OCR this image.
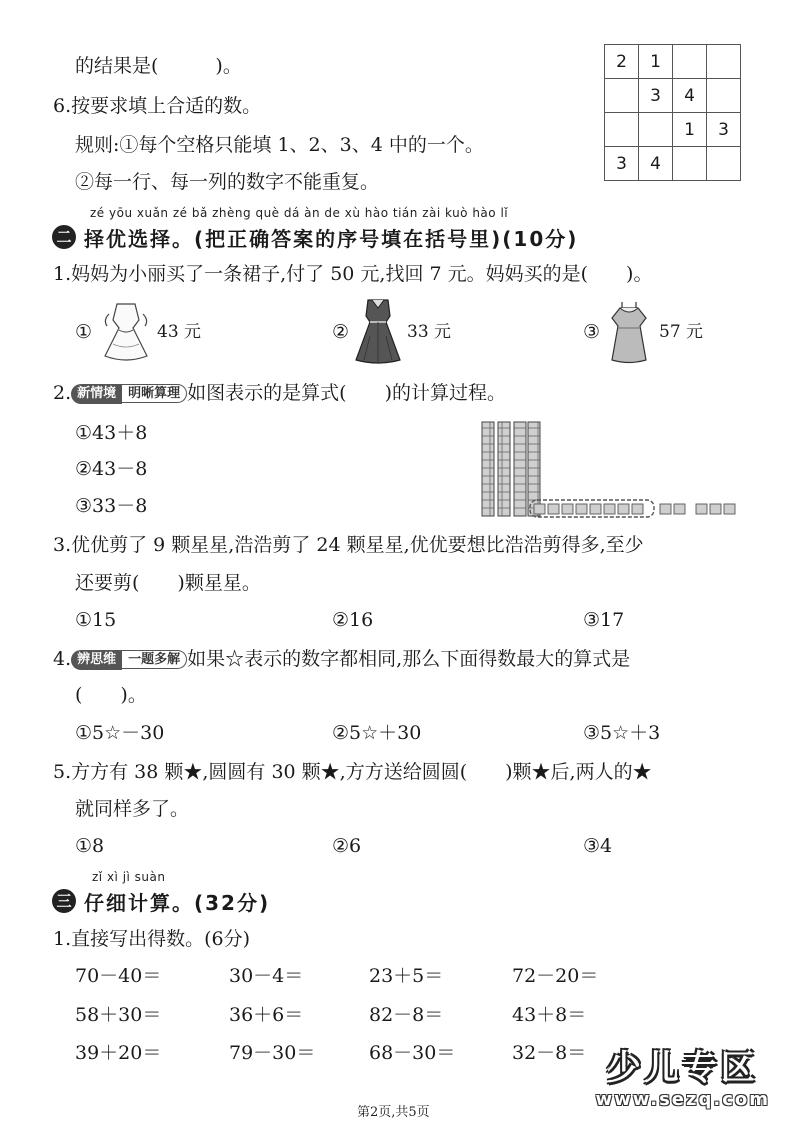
的结果是(　　　)。
6.按要求填上合适的数。
规则:①每个空格只能填 1、2、3、4 中的一个。
②每一行、每一列的数字不能重复。
2	1		
	3	4	
		1	3
3	4		
zé yōu xuǎn zé bǎ zhèng què dá àn de xù hào tián zài kuò hào lǐ
二 择优选择。(把正确答案的序号填在括号里)(10分)
1.妈妈为小丽买了一条裙子,付了 50 元,找回 7 元。妈妈买的是(　　)。
①	43 元	②	33 元	③	57 元
2. 新情境 明晰算理 如图表示的是算式(　　)的计算过程。
①43＋8
②43－8
③33－8
3.优优剪了 9 颗星星,浩浩剪了 24 颗星星,优优要想比浩浩剪得多,至少
还要剪(　　)颗星星。
①15	②16	③17
4. 辨思维 一题多解 如果☆表示的数字都相同,那么下面得数最大的算式是
(　　)。
①5☆－30	②5☆＋30	③5☆＋3
5.方方有 38 颗★,圆圆有 30 颗★,方方送给圆圆(　　)颗★后,两人的★
就同样多了。
①8	②6	③4
zǐ xì jì suàn
三 仔细计算。(32分)
1.直接写出得数。(6分)
70－40＝	30－4＝	23＋5＝	72－20＝
58＋30＝	36＋6＝	82－8＝	43＋8＝
39＋20＝	79－30＝	68－30＝	32－8＝ 少儿专区
www.sezq.com
第2页,共5页
